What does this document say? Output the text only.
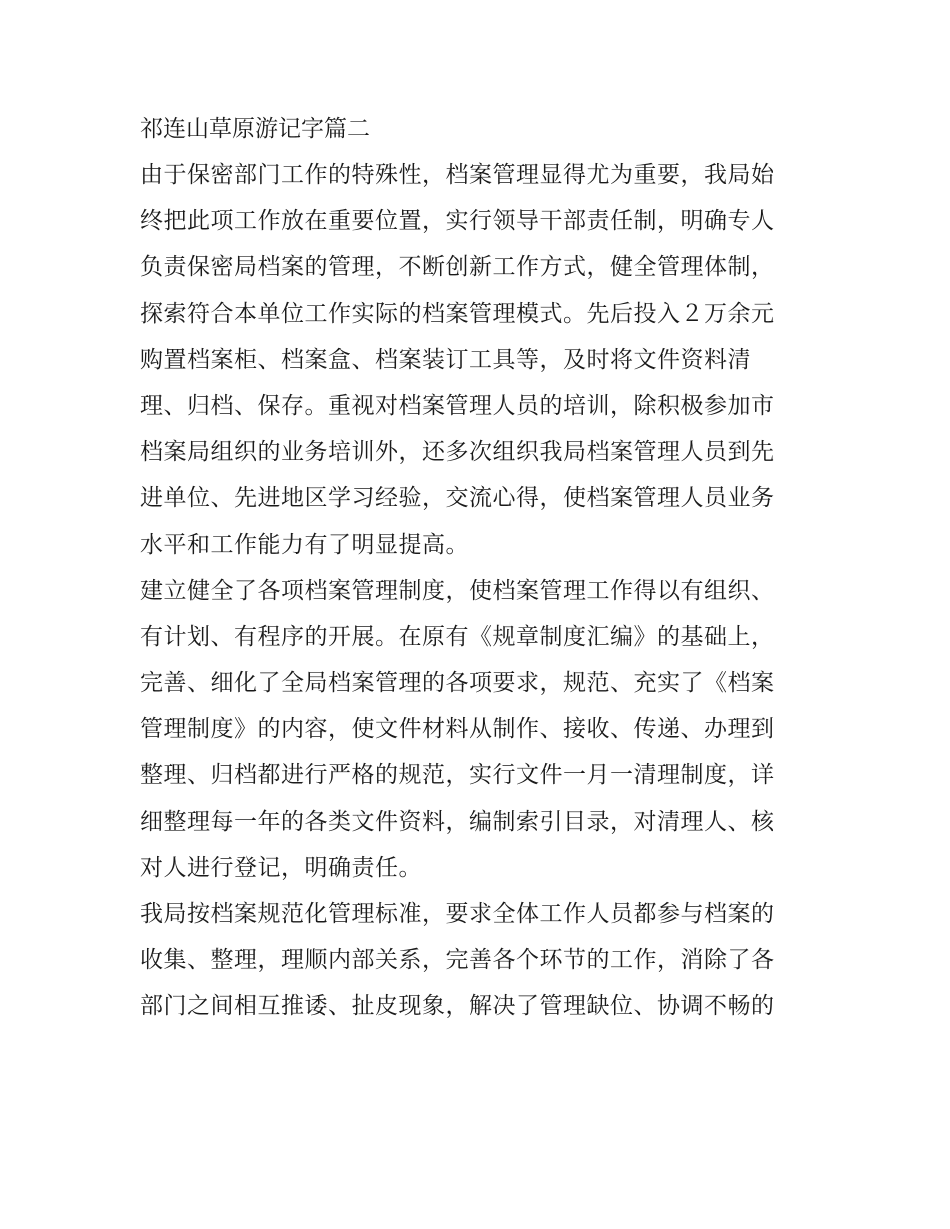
祁连山草原游记字篇二
由于保密部门工作的特殊性，档案管理显得尤为重要，我局始
终把此项工作放在重要位置，实行领导干部责任制，明确专人
负责保密局档案的管理，不断创新工作方式，健全管理体制，
探索符合本单位工作实际的档案管理模式。先后投入２万余元
购置档案柜、档案盒、档案装订工具等，及时将文件资料清
理、归档、保存。重视对档案管理人员的培训，除积极参加市
档案局组织的业务培训外，还多次组织我局档案管理人员到先
进单位、先进地区学习经验，交流心得，使档案管理人员业务
水平和工作能力有了明显提高。
建立健全了各项档案管理制度，使档案管理工作得以有组织、
有计划、有程序的开展。在原有《规章制度汇编》的基础上，
完善、细化了全局档案管理的各项要求，规范、充实了《档案
管理制度》的内容，使文件材料从制作、接收、传递、办理到
整理、归档都进行严格的规范，实行文件一月一清理制度，详
细整理每一年的各类文件资料，编制索引目录，对清理人、核
对人进行登记，明确责任。
我局按档案规范化管理标准，要求全体工作人员都参与档案的
收集、整理，理顺内部关系，完善各个环节的工作，消除了各
部门之间相互推诿、扯皮现象，解决了管理缺位、协调不畅的
